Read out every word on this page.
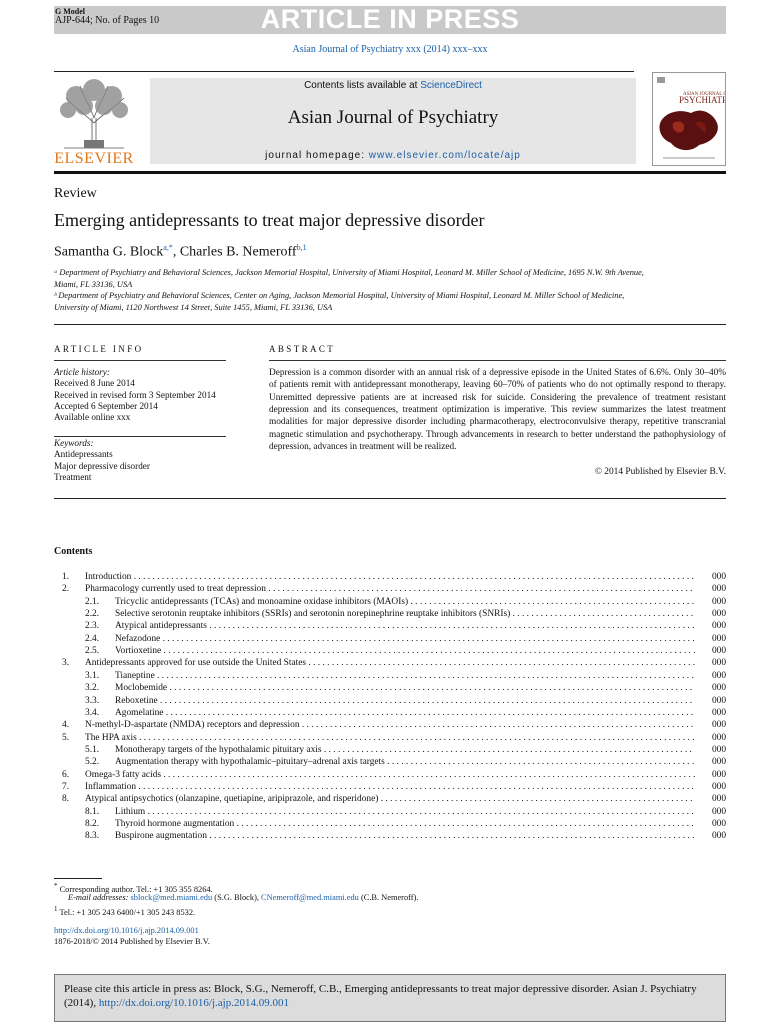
ARTICLE IN PRESS
G Model
AJP-644; No. of Pages 10
Asian Journal of Psychiatry xxx (2014) xxx–xxx
ELSEVIER
Contents lists available at ScienceDirect
Asian Journal of Psychiatry
journal homepage: www.elsevier.com/locate/ajp
ASIAN JOURNAL
PSYCHIAT
Review
Emerging antidepressants to treat major depressive disorder
Samantha G. Block$^{a,*}$, Charles B. Nemeroff$^{b,1}$
ᵃ Department of Psychiatry and Behavioral Sciences, Jackson Memorial Hospital, University of Miami Hospital, Leonard M. Miller School of Medicine, 1695 N.W. 9th Avenue, Miami, FL 33136, USA
ᵇ Department of Psychiatry and Behavioral Sciences, Center on Aging, Jackson Memorial Hospital, University of Miami Hospital, Leonard M. Miller School of Medicine, University of Miami, 1120 Northwest 14 Street, Suite 1455, Miami, FL 33136, USA
ARTICLE INFO
Article history:
Received 8 June 2014
Received in revised form 3 September 2014
Accepted 6 September 2014
Available online xxx
Keywords:
Antidepressants
Major depressive disorder
Treatment
ABSTRACT
Depression is a common disorder with an annual risk of a depressive episode in the United States of 6.6%. Only 30–40% of patients remit with antidepressant monotherapy, leaving 60–70% of patients who do not optimally respond to therapy. Unremitted depressive patients are at increased risk for suicide. Considering the prevalence of treatment resistant depression and its consequences, treatment optimization is imperative. This review summarizes the latest treatment modalities for major depressive disorder including pharmacotherapy, electroconvulsive therapy, repetitive transcranial magnetic stimulation and psychotherapy. Through advancements in research to better understand the pathophysiology of depression, advances in treatment will be realized.
© 2014 Published by Elsevier B.V.
Contents
1. Introduction . . .	000
2. Pharmacology currently used to treat depression . . .	000
2.1. Tricyclic antidepressants (TCAs) and monoamine oxidase inhibitors (MAOIs) . . .	000
2.2. Selective serotonin reuptake inhibitors (SSRIs) and serotonin norepinephrine reuptake inhibitors (SNRIs) . . .	000
2.3. Atypical antidepressants . . .	000
2.4. Nefazodone . . .	000
2.5. Vortioxetine . . .	000
3. Antidepressants approved for use outside the United States . . .	000
3.1. Tianeptine . . .	000
3.2. Moclobemide . . .	000
3.3. Reboxetine . . .	000
3.4. Agomelatine . . .	000
4. N-methyl-D-aspartate (NMDA) receptors and depression . . .	000
5. The HPA axis . . .	000
5.1. Monotherapy targets of the hypothalamic pituitary axis . . .	000
5.2. Augmentation therapy with hypothalamic–pituitary–adrenal axis targets . . .	000
6. Omega-3 fatty acids . . .	000
7. Inflammation . . .	000
8. Atypical antipsychotics (olanzapine, quetiapine, aripiprazole, and risperidone) . . .	000
8.1. Lithium . . .	000
8.2. Thyroid hormone augmentation . . .	000
8.3. Buspirone augmentation . . .	000
* Corresponding author. Tel.: +1 305 355 8264.
E-mail addresses: sblock@med.miami.edu (S.G. Block), CNemeroff@med.miami.edu (C.B. Nemeroff).
$^1$ Tel.: +1 305 243 6400/+1 305 243 8532.
http://dx.doi.org/10.1016/j.ajp.2014.09.001
1876-2018/© 2014 Published by Elsevier B.V.
Please cite this article in press as: Block, S.G., Nemeroff, C.B., Emerging antidepressants to treat major depressive disorder. Asian J. Psychiatry (2014), http://dx.doi.org/10.1016/j.ajp.2014.09.001
